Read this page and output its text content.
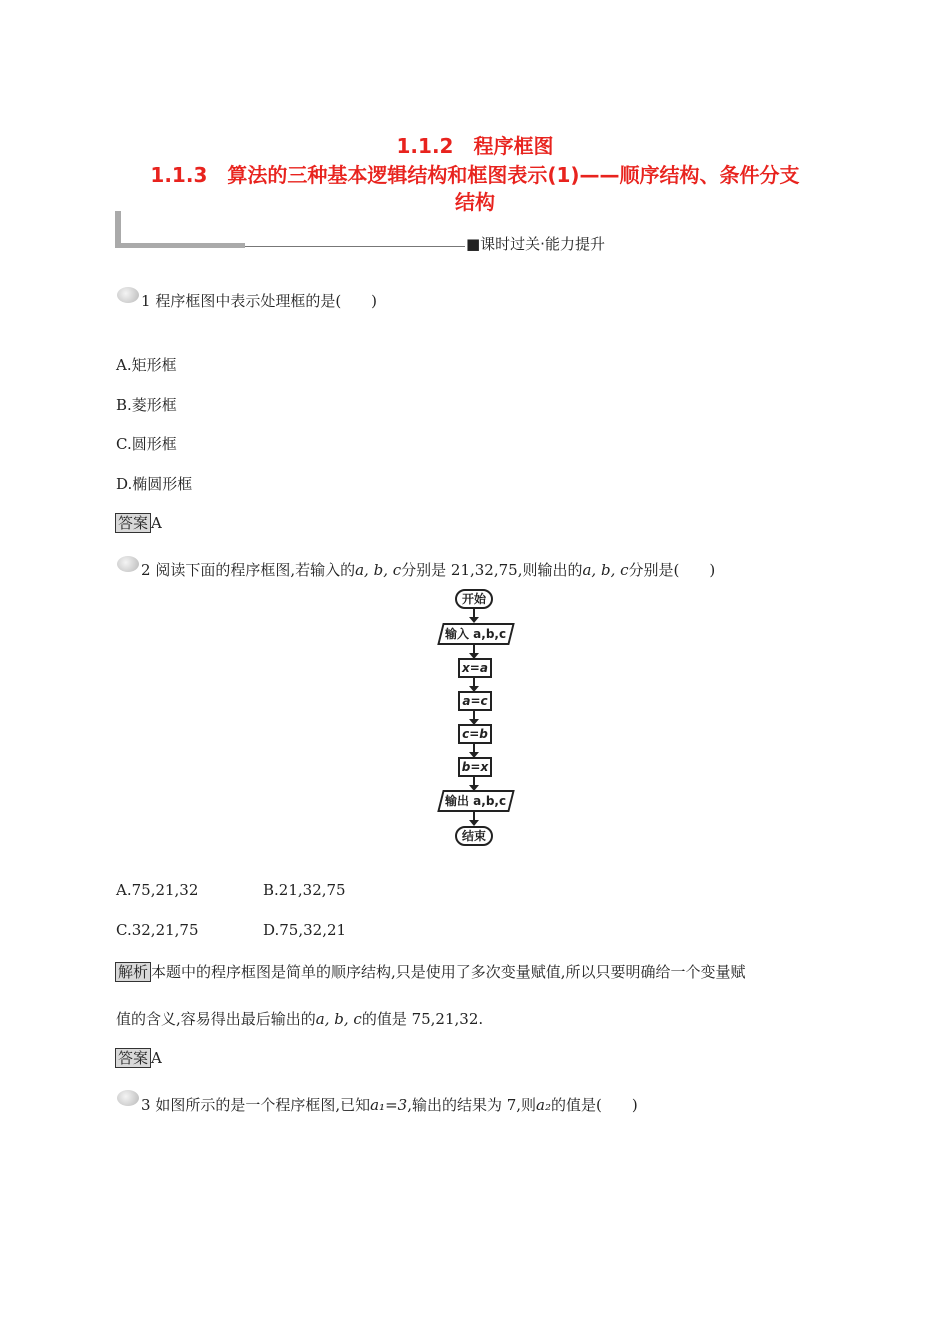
1.1.2　程序框图
1.1.3　算法的三种基本逻辑结构和框图表示(1)——顺序结构、条件分支
结构
■课时过关·能力提升
1 程序框图中表示处理框的是(　　)
A.矩形框
B.菱形框
C.圆形框
D.椭圆形框
答案 A
2 阅读下面的程序框图,若输入的a, b, c分别是 21,32,75,则输出的a, b, c分别是(　　)
开始
输入 a,b,c
x=a
a=c
c=b
b=x
输出 a,b,c
结束
A.75,21,32	B.21,32,75
C.32,21,75	D.75,32,21
解析 本题中的程序框图是简单的顺序结构,只是使用了多次变量赋值,所以只要明确给一个变量赋
值的含义,容易得出最后输出的a, b, c的值是 75,21,32.
答案 A
3 如图所示的是一个程序框图,已知a₁=3,输出的结果为 7,则a₂的值是(　　)
